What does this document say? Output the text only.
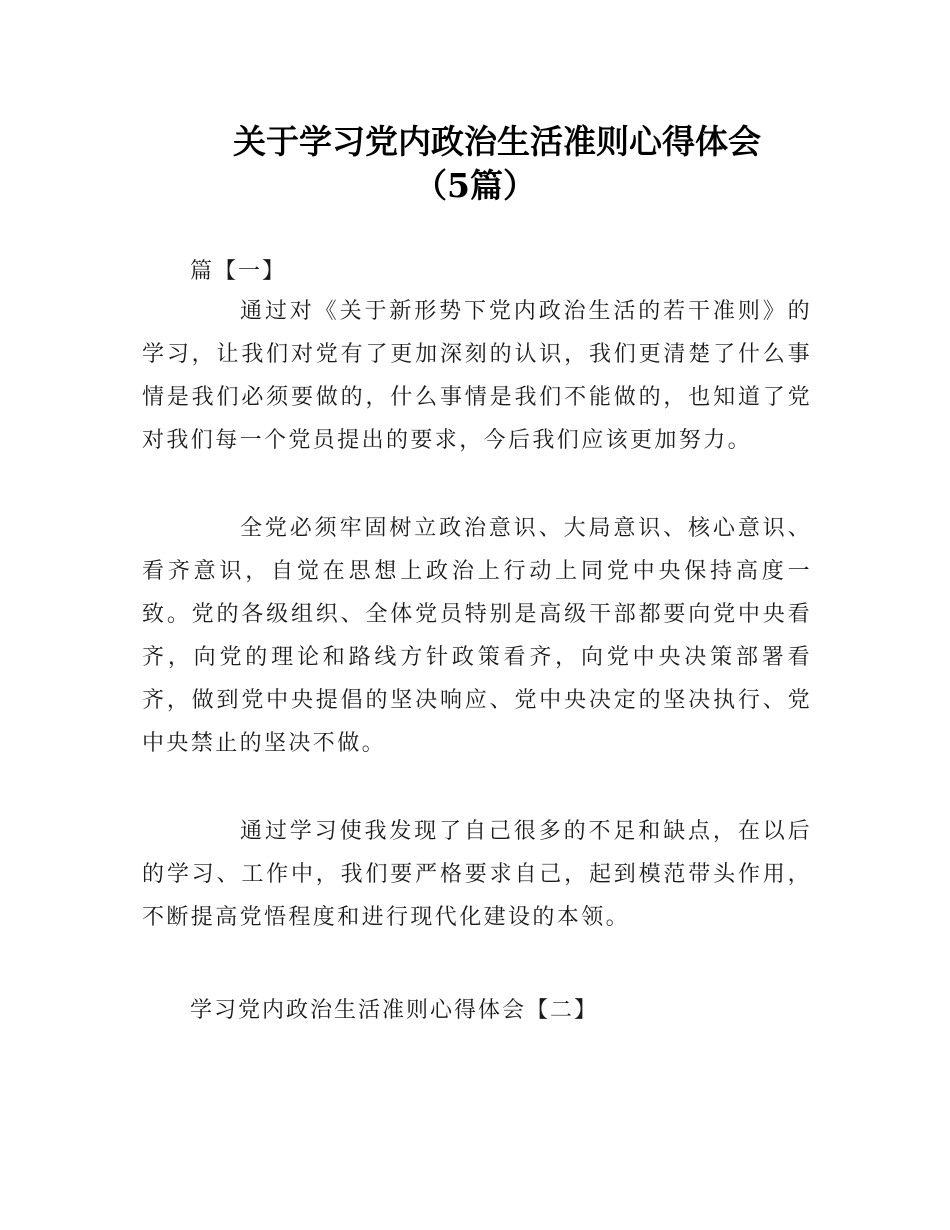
关于学习党内政治生活准则心得体会
（5篇）
篇【一】

通过对《关于新形势下党内政治生活的若干准则》的学习，让我们对党有了更加深刻的认识，我们更清楚了什么事情是我们必须要做的，什么事情是我们不能做的，也知道了党对我们每一个党员提出的要求，今后我们应该更加努力。

全党必须牢固树立政治意识、大局意识、核心意识、看齐意识，自觉在思想上政治上行动上同党中央保持高度一致。党的各级组织、全体党员特别是高级干部都要向党中央看齐，向党的理论和路线方针政策看齐，向党中央决策部署看齐，做到党中央提倡的坚决响应、党中央决定的坚决执行、党中央禁止的坚决不做。

通过学习使我发现了自己很多的不足和缺点，在以后的学习、工作中，我们要严格要求自己，起到模范带头作用，不断提高党悟程度和进行现代化建设的本领。

学习党内政治生活准则心得体会【二】
